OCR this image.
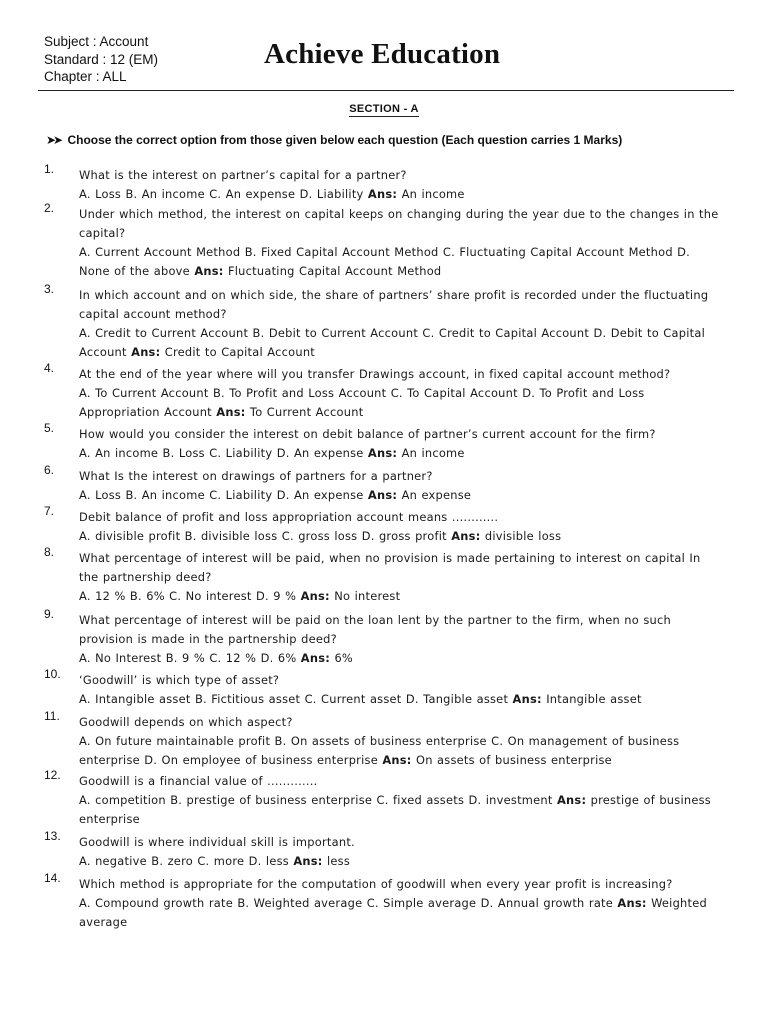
Subject : Account
Standard : 12 (EM)
Chapter : ALL
Achieve Education
SECTION - A
➤➤ Choose the correct option from those given below each question (Each question carries 1 Marks)
1. What is the interest on partner’s capital for a partner?
A. Loss B. An income C. An expense D. Liability Ans: An income
2. Under which method, the interest on capital keeps on changing during the year due to the changes in the capital?
A. Current Account Method B. Fixed Capital Account Method C. Fluctuating Capital Account Method D. None of the above Ans: Fluctuating Capital Account Method
3. In which account and on which side, the share of partners’ share profit is recorded under the fluctuating capital account method?
A. Credit to Current Account B. Debit to Current Account C. Credit to Capital Account D. Debit to Capital Account Ans: Credit to Capital Account
4. At the end of the year where will you transfer Drawings account, in fixed capital account method?
A. To Current Account B. To Profit and Loss Account C. To Capital Account D. To Profit and Loss Appropriation Account Ans: To Current Account
5. How would you consider the interest on debit balance of partner’s current account for the firm?
A. An income B. Loss C. Liability D. An expense Ans: An income
6. What Is the interest on drawings of partners for a partner?
A. Loss B. An income C. Liability D. An expense Ans: An expense
7. Debit balance of profit and loss appropriation account means ............
A. divisible profit B. divisible loss C. gross loss D. gross profit Ans: divisible loss
8. What percentage of interest will be paid, when no provision is made pertaining to interest on capital In the partnership deed?
A. 12 % B. 6% C. No interest D. 9 % Ans: No interest
9. What percentage of interest will be paid on the loan lent by the partner to the firm, when no such provision is made in the partnership deed?
A. No Interest B. 9 % C. 12 % D. 6% Ans: 6%
10. ‘Goodwill’ is which type of asset?
A. Intangible asset B. Fictitious asset C. Current asset D. Tangible asset Ans: Intangible asset
11. Goodwill depends on which aspect?
A. On future maintainable profit B. On assets of business enterprise C. On management of business enterprise D. On employee of business enterprise Ans: On assets of business enterprise
12. Goodwill is a financial value of .............
A. competition B. prestige of business enterprise C. fixed assets D. investment Ans: prestige of business enterprise
13. Goodwill is where individual skill is important.
A. negative B. zero C. more D. less Ans: less
14. Which method is appropriate for the computation of goodwill when every year profit is increasing?
A. Compound growth rate B. Weighted average C. Simple average D. Annual growth rate Ans: Weighted average
